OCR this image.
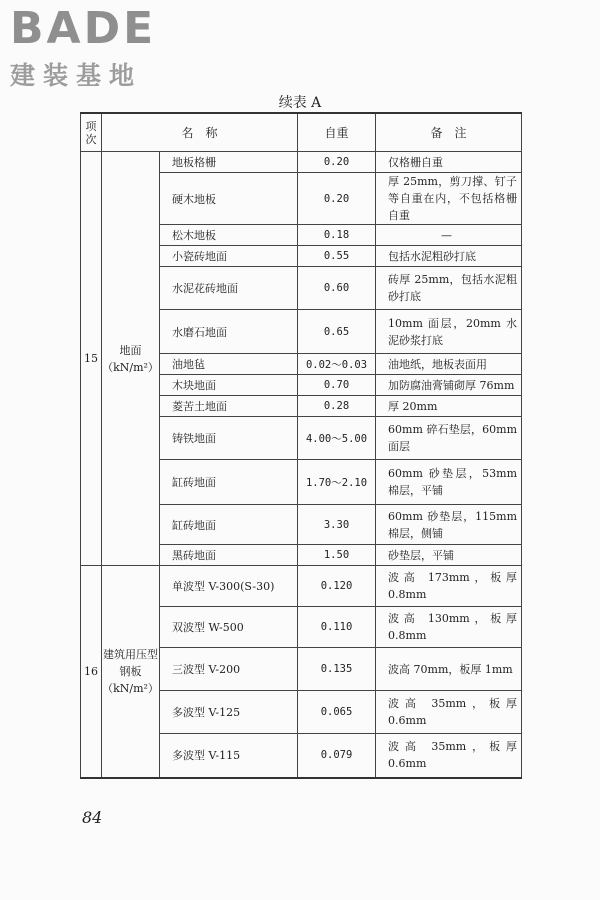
BADE
建装基地
续表 A
项次	名　称		自重	备　注
15	地面（kN/m²）	地板格栅	0.20	仅格栅自重
		硬木地板	0.20	厚 25mm，剪刀撑、钉子等自重在内，不包括格栅自重
		松木地板	0.18	—
		小瓷砖地面	0.55	包括水泥粗砂打底
		水泥花砖地面	0.60	砖厚 25mm，包括水泥粗砂打底
		水磨石地面	0.65	10mm 面层，20mm 水泥砂浆打底
		油地毡	0.02～0.03	油地纸，地板表面用
		木块地面	0.70	加防腐油膏铺砌厚 76mm
		菱苦土地面	0.28	厚 20mm
		铸铁地面	4.00～5.00	60mm 碎石垫层，60mm 面层
		缸砖地面	1.70～2.10	60mm 砂垫层，53mm 棉层，平铺
		缸砖地面	3.30	60mm 砂垫层，115mm 棉层，侧铺
		黑砖地面	1.50	砂垫层，平铺
16	建筑用压型钢板（kN/m²）	单波型 V-300(S-30)	0.120	波高 173mm，板厚 0.8mm
		双波型 W-500	0.110	波高 130mm，板厚 0.8mm
		三波型 V-200	0.135	波高 70mm，板厚 1mm
		多波型 V-125	0.065	波高 35mm，板厚 0.6mm
		多波型 V-115	0.079	波高 35mm，板厚 0.6mm
84
